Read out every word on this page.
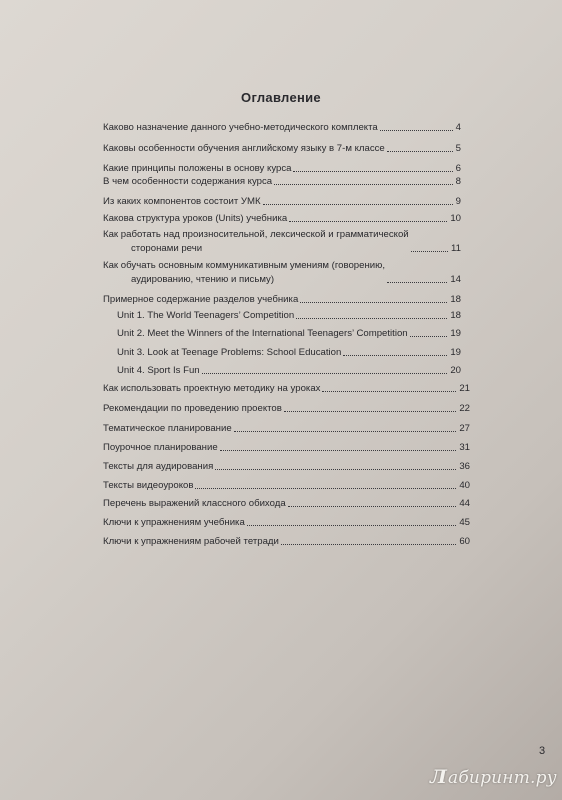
Оглавление
Каково назначение данного учебно-методического комплекта	4
Каковы особенности обучения английскому языку в 7-м классе	5
Какие принципы положены в основу курса	6
В чем особенности содержания курса	8
Из каких компонентов состоит УМК	9
Какова структура уроков (Units) учебника	10
Как работать над произносительной, лексической и грамматической
сторонами речи	11
Как обучать основным коммуникативным умениям (говорению,
аудированию, чтению и письму)	14
Примерное содержание разделов учебника	18
Unit 1. The World Teenagers’ Competition	18
Unit 2. Meet the Winners of the International Teenagers’ Competition	19
Unit 3. Look at Teenage Problems: School Education	19
Unit 4. Sport Is Fun	20
Как использовать проектную методику на уроках	21
Рекомендации по проведению проектов	22
Тематическое планирование	27
Поурочное планирование	31
Тексты для аудирования	36
Тексты видеоуроков	40
Перечень выражений классного обихода	44
Ключи к упражнениям учебника	45
Ключи к упражнениям рабочей тетради	60
3
Лабиринт.ру
